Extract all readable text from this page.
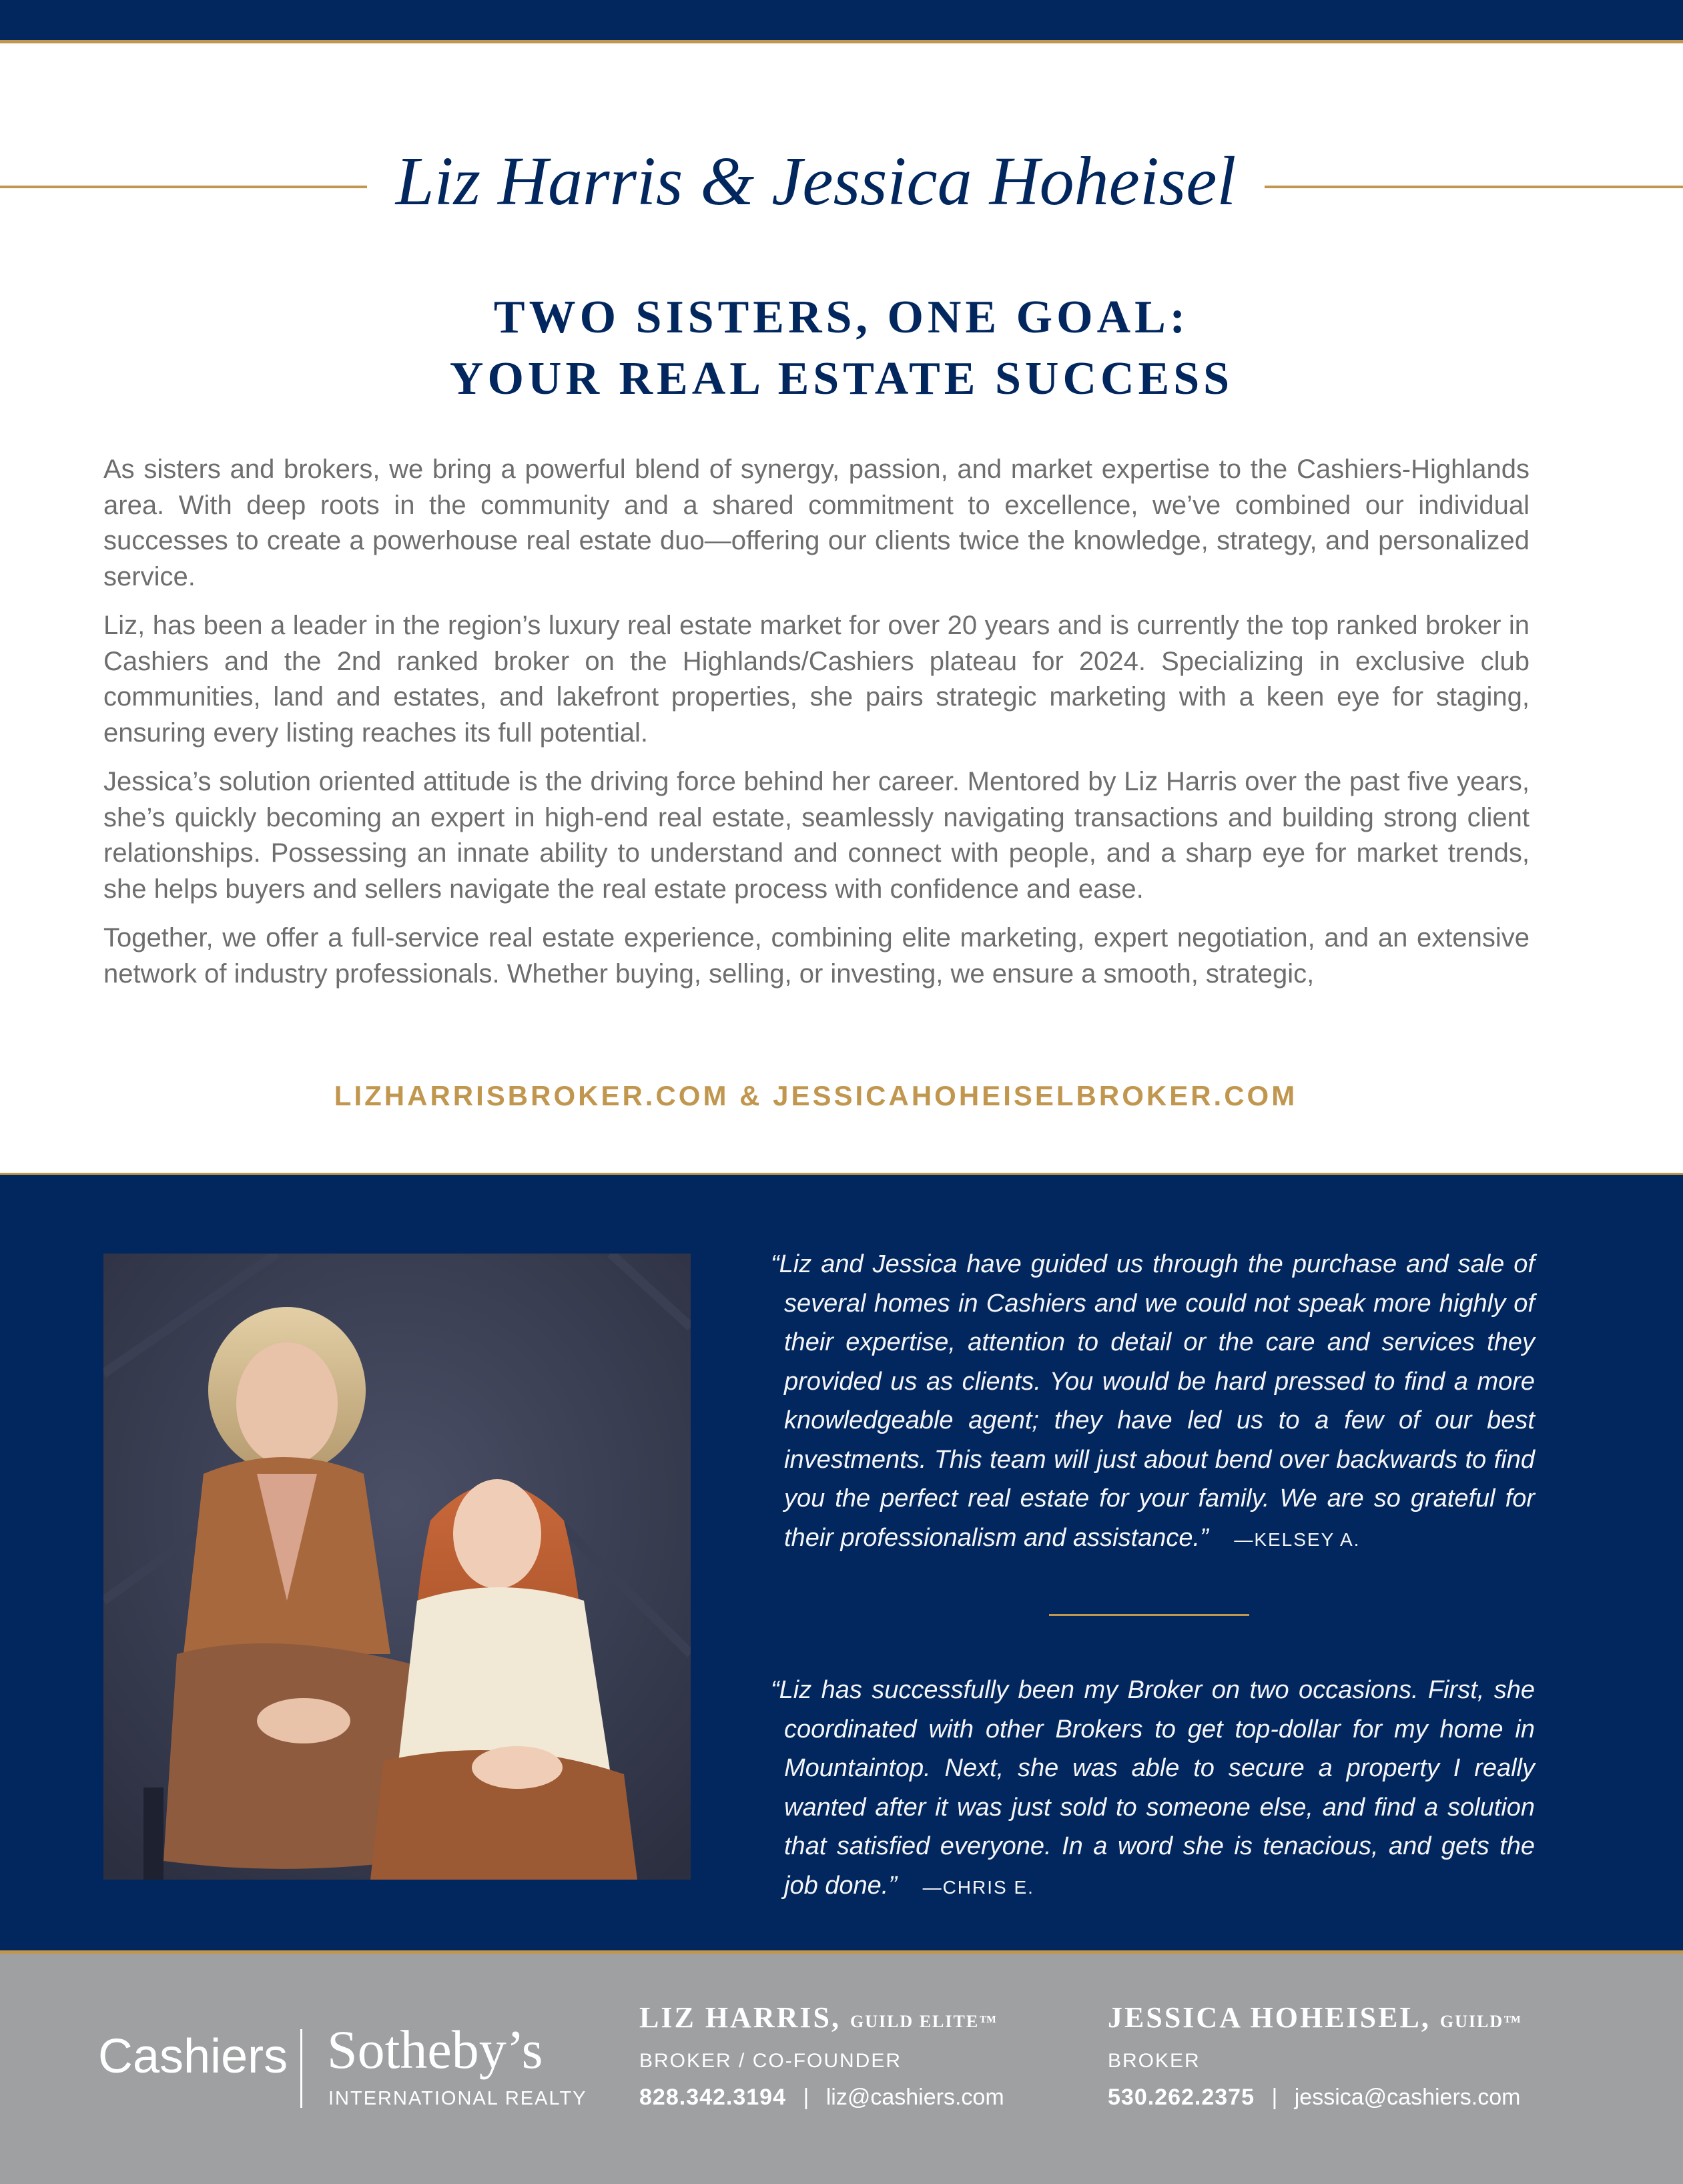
Liz Harris & Jessica Hoheisel
TWO SISTERS, ONE GOAL:
YOUR REAL ESTATE SUCCESS

As sisters and brokers, we bring a powerful blend of synergy, passion, and market expertise to the Cashiers-Highlands area. With deep roots in the community and a shared commitment to excellence, we’ve combined our individual successes to create a powerhouse real estate duo—offering our clients twice the knowledge, strategy, and personalized service.

Liz, has been a leader in the region’s luxury real estate market for over 20 years and is currently the top ranked broker in Cashiers and the 2nd ranked broker on the Highlands/Cashiers plateau for 2024. Specializing in exclusive club communities, land and estates, and lakefront properties, she pairs strategic marketing with a keen eye for staging, ensuring every listing reaches its full potential.

Jessica’s solution oriented attitude is the driving force behind her career. Mentored by Liz Harris over the past five years, she’s quickly becoming an expert in high-end real estate, seamlessly navigating transactions and building strong client relationships. Possessing an innate ability to understand and connect with people, and a sharp eye for market trends, she helps buyers and sellers navigate the real estate process with confidence and ease.

Together, we offer a full-service real estate experience, combining elite marketing, expert negotiation, and an extensive network of industry professionals. Whether buying, selling, or investing, we ensure a smooth, strategic,

LIZHARRISBROKER.COM & JESSICAHOHEISELBROKER.COM
“Liz and Jessica have guided us through the purchase and sale of several homes in Cashiers and we could not speak more highly of their expertise, attention to detail or the care and services they provided us as clients. You would be hard pressed to find a more knowledgeable agent; they have led us to a few of our best investments. This team will just about bend over backwards to find you the perfect real estate for your family. We are so grateful for their professionalism and assistance.” —KELSEY A.
“Liz has successfully been my Broker on two occasions. First, she coordinated with other Brokers to get top-dollar for my home in Mountaintop. Next, she was able to secure a property I really wanted after it was just sold to someone else, and find a solution that satisfied everyone. In a word she is tenacious, and gets the job done.” —CHRIS E.
Cashiers Sotheby’s
INTERNATIONAL REALTY
LIZ HARRIS, GUILD ELITE™
BROKER / CO-FOUNDER
828.342.3194 | liz@cashiers.com
JESSICA HOHEISEL, GUILD™
BROKER
530.262.2375 | jessica@cashiers.com
